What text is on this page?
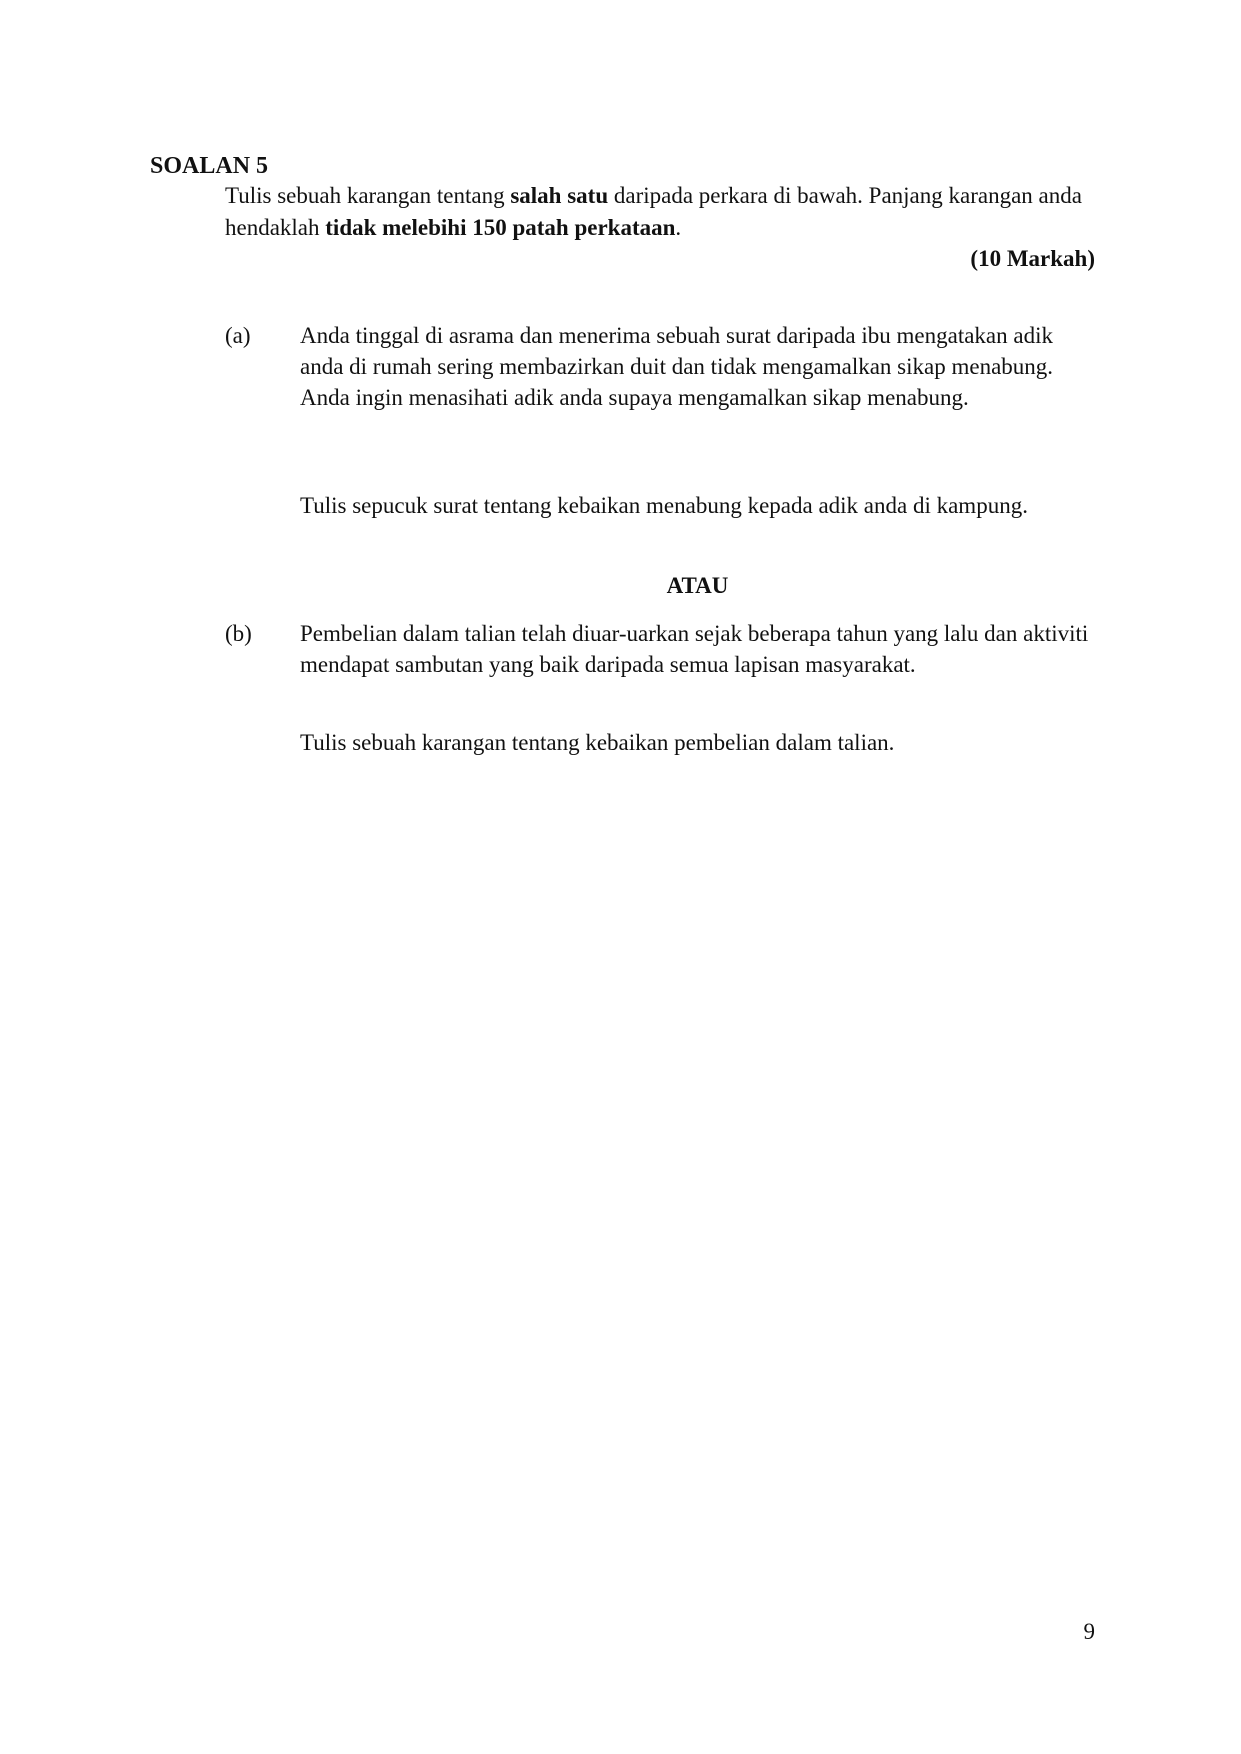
SOALAN 5
Tulis sebuah karangan tentang salah satu daripada perkara di bawah. Panjang karangan anda hendaklah tidak melebihi 150 patah perkataan.
(10 Markah)
(a) Anda tinggal di asrama dan menerima sebuah surat daripada ibu mengatakan adik anda di rumah sering membazirkan duit dan tidak mengamalkan sikap menabung. Anda ingin menasihati adik anda supaya mengamalkan sikap menabung.
Tulis sepucuk surat tentang kebaikan menabung kepada adik anda di kampung.
ATAU
(b) Pembelian dalam talian telah diuar-uarkan sejak beberapa tahun yang lalu dan aktiviti mendapat sambutan yang baik daripada semua lapisan masyarakat.
Tulis sebuah karangan tentang kebaikan pembelian dalam talian.
9
